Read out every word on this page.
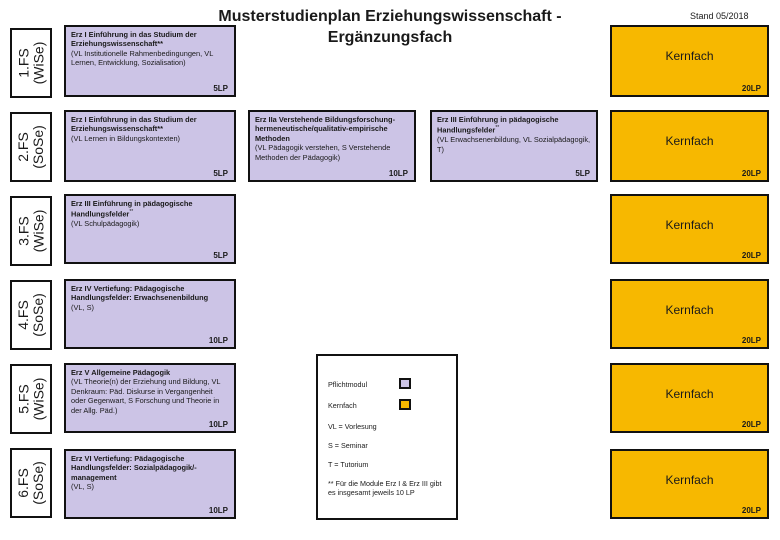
Musterstudienplan Erziehungswissenschaft -
Ergänzungsfach
Stand 05/2018
1.FS (WiSe)
2.FS (SoSe)
3.FS (WiSe)
4.FS (SoSe)
5.FS (WiSe)
6.FS (SoSe)
Erz I Einführung in das Studium der Erziehungswissenschaft**
(VL Institutionelle Rahmenbedingungen, VL Lernen, Entwicklung, Sozialisation)
5LP
Erz I Einführung in das Studium der Erziehungswissenschaft**
(VL Lernen in Bildungskontexten)
5LP
Erz IIa Verstehende Bildungsforschung-hermeneutische/qualitativ-empirische Methoden
(VL Pädagogik verstehen, S Verstehende Methoden der Pädagogik)
10LP
Erz III Einführung in pädagogische Handlungsfelder**
(VL Erwachsenenbildung, VL Sozialpädagogik, T)
5LP
Erz III Einführung in pädagogische Handlungsfelder**
(VL Schulpädagogik)
5LP
Erz IV Vertiefung: Pädagogische Handlungsfelder: Erwachsenenbildung
(VL, S)
10LP
Erz V Allgemeine Pädagogik
(VL Theorie(n) der Erziehung und Bildung, VL Denkraum: Päd. Diskurse in Vergangenheit oder Gegenwart, S Forschung und Theorie in der Allg. Päd.)
10LP
Erz VI Vertiefung: Pädagogische Handlungsfelder: Sozialpädagogik/-management
(VL, S)
10LP
Kernfach
20LP
Kernfach
20LP
Kernfach
20LP
Kernfach
20LP
Kernfach
20LP
Kernfach
20LP
Pflichtmodul
Kernfach
VL = Vorlesung
S = Seminar
T = Tutorium
** Für die Module Erz I & Erz III gibt es insgesamt jeweils 10 LP
